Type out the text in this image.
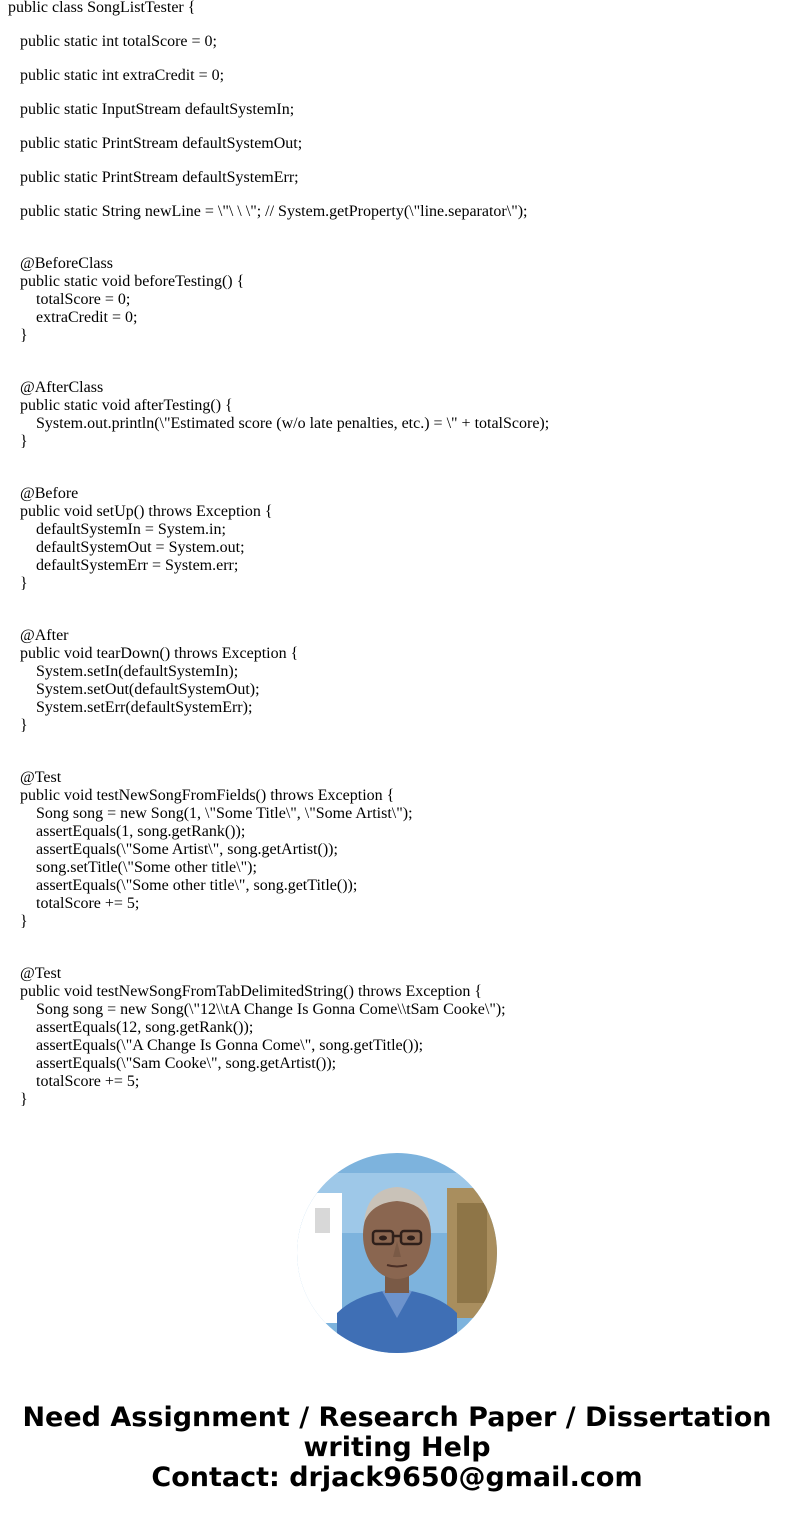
public class SongListTester {
public static int totalScore = 0;
public static int extraCredit = 0;
public static InputStream defaultSystemIn;
public static PrintStream defaultSystemOut;
public static PrintStream defaultSystemErr;
public static String newLine = \"\ \ \"; // System.getProperty(\"line.separator\");
@BeforeClass
public static void beforeTesting() {
totalScore = 0;
extraCredit = 0;
}
@AfterClass
public static void afterTesting() {
System.out.println(\"Estimated score (w/o late penalties, etc.) = \" + totalScore);
}
@Before
public void setUp() throws Exception {
defaultSystemIn = System.in;
defaultSystemOut = System.out;
defaultSystemErr = System.err;
}
@After
public void tearDown() throws Exception {
System.setIn(defaultSystemIn);
System.setOut(defaultSystemOut);
System.setErr(defaultSystemErr);
}
@Test
public void testNewSongFromFields() throws Exception {
Song song = new Song(1, \"Some Title\", \"Some Artist\");
assertEquals(1, song.getRank());
assertEquals(\"Some Artist\", song.getArtist());
song.setTitle(\"Some other title\");
assertEquals(\"Some other title\", song.getTitle());
totalScore += 5;
}
@Test
public void testNewSongFromTabDelimitedString() throws Exception {
Song song = new Song(\"12\\tA Change Is Gonna Come\\tSam Cooke\");
assertEquals(12, song.getRank());
assertEquals(\"A Change Is Gonna Come\", song.getTitle());
assertEquals(\"Sam Cooke\", song.getArtist());
totalScore += 5;
}
Need Assignment / Research Paper / Dissertation
writing Help
Contact: drjack9650@gmail.com
